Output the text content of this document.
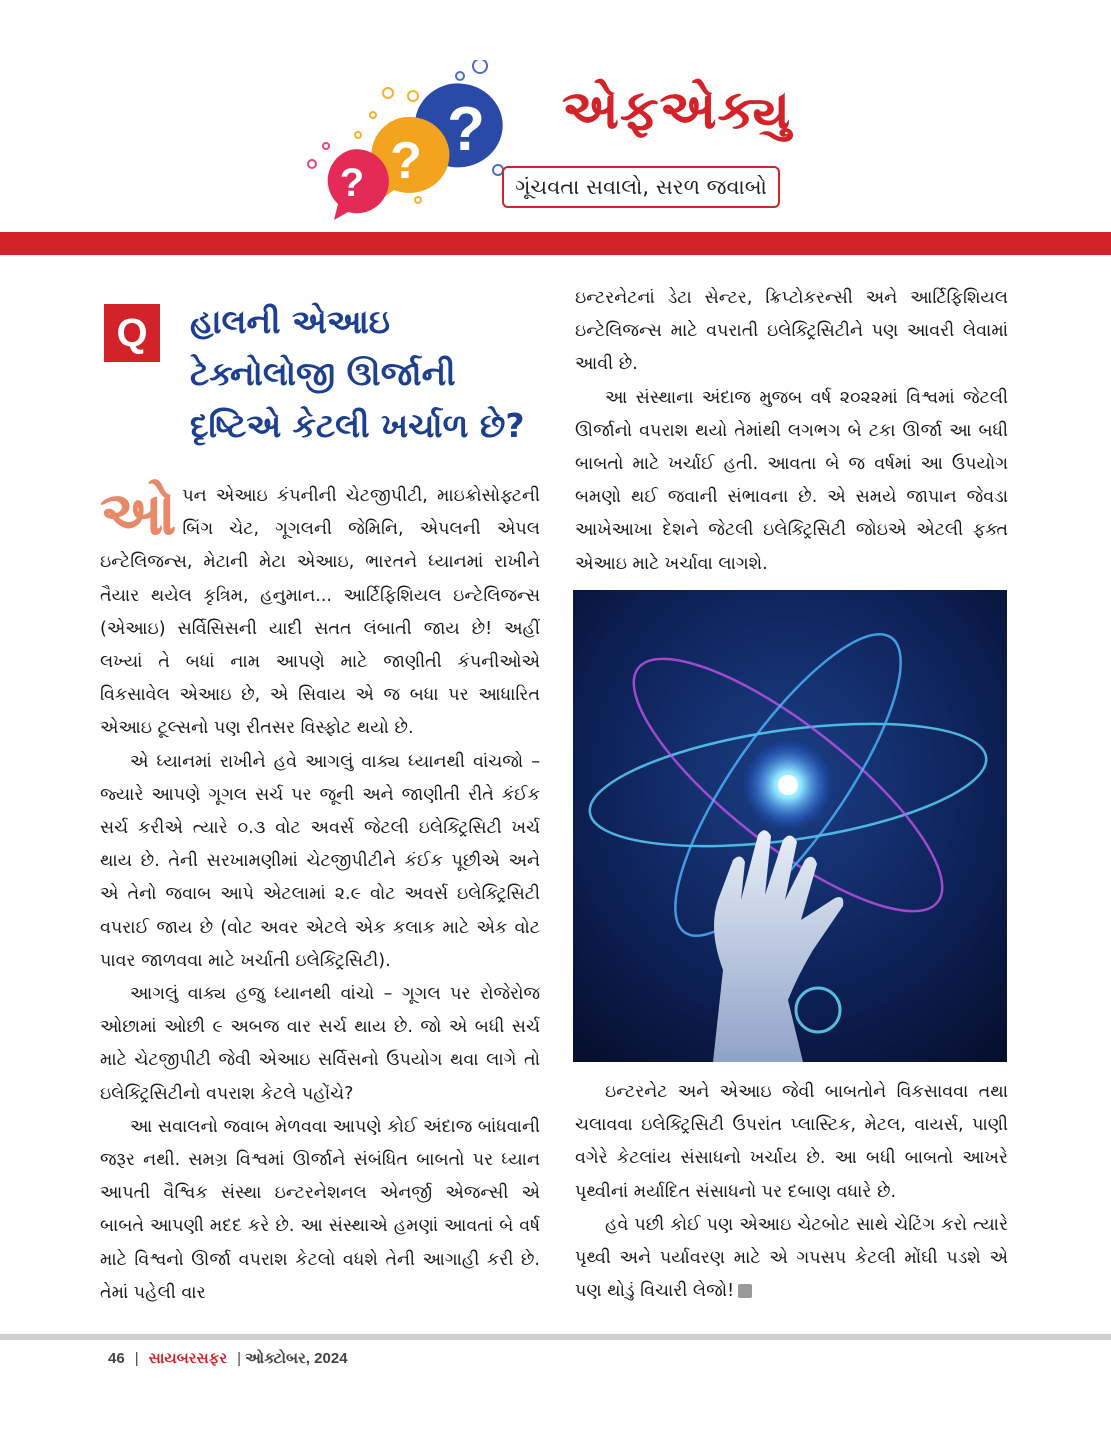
?
?
?
એફએક્યુ
ગૂંચવતા સવાલો, સરળ જવાબો
Q	હાલની એઆઇ
ટેક્નોલોજી ઊર્જાની
દૃષ્ટિએ કેટલી ખર્ચાળ છે?

ઓપન એઆઇ કંપનીની ચેટજીપીટી, માઇક્રોસોફ્ટની બિંગ ચેટ, ગૂગલની જેમિનિ, એપલની એપલ ઇન્ટેલિજન્સ, મેટાની મેટા એઆઇ, ભારતને ધ્યાનમાં રાખીને તૈયાર થયેલ કૃત્રિમ, હનુમાન... આર્ટિફિશિયલ ઇન્ટેલિજન્સ (એઆઇ) સર્વિસિસની યાદી સતત લંબાતી જાય છે! અહીં લખ્યાં તે બધાં નામ આપણે માટે જાણીતી કંપનીઓએ વિકસાવેલ એઆઇ છે, એ સિવાય એ જ બધા પર આધારિત એઆઇ ટૂલ્સનો પણ રીતસર વિસ્ફોટ થયો છે.

એ ધ્યાનમાં રાખીને હવે આગલું વાક્ય ધ્યાનથી વાંચજો – જ્યારે આપણે ગૂગલ સર્ચ પર જૂની અને જાણીતી રીતે કંઈક સર્ચ કરીએ ત્યારે ૦.૩ વોટ અવર્સ જેટલી ઇલેક્ટ્રિસિટી ખર્ચ થાય છે. તેની સરખામણીમાં ચેટજીપીટીને કંઈક પૂછીએ અને એ તેનો જવાબ આપે એટલામાં ૨.૯ વોટ અવર્સ ઇલેક્ટ્રિસિટી વપરાઈ જાય છે (વોટ અવર એટલે એક કલાક માટે એક વોટ પાવર જાળવવા માટે ખર્ચાતી ઇલેક્ટ્રિસિટી).

આગલું વાક્ય હજુ ધ્યાનથી વાંચો – ગૂગલ પર રોજેરોજ ઓછામાં ઓછી ૯ અબજ વાર સર્ચ થાય છે. જો એ બધી સર્ચ માટે ચેટજીપીટી જેવી એઆઇ સર્વિસનો ઉપયોગ થવા લાગે તો ઇલેક્ટ્રિસિટીનો વપરાશ કેટલે પહોંચે?

આ સવાલનો જવાબ મેળવવા આપણે કોઈ અંદાજ બાંધવાની જરૂર નથી. સમગ્ર વિશ્વમાં ઊર્જાને સંબંધિત બાબતો પર ધ્યાન આપતી વૈશ્વિક સંસ્થા ઇન્ટરનેશનલ એનર્જી એજન્સી એ બાબતે આપણી મદદ કરે છે. આ સંસ્થાએ હમણાં આવતાં બે વર્ષ માટે વિશ્વનો ઊર્જા વપરાશ કેટલો વધશે તેની આગાહી કરી છે. તેમાં પહેલી વાર

ઇન્ટરનેટનાં ડેટા સેન્ટર, ક્રિપ્ટોકરન્સી અને આર્ટિફિશિયલ ઇન્ટેલિજન્સ માટે વપરાતી ઇલેક્ટ્રિસિટીને પણ આવરી લેવામાં આવી છે.

આ સંસ્થાના અંદાજ મુજબ વર્ષ ૨૦૨૨માં વિશ્વમાં જેટલી ઊર્જાનો વપરાશ થયો તેમાંથી લગભગ બે ટકા ઊર્જા આ બધી બાબતો માટે ખર્ચાઈ હતી. આવતા બે જ વર્ષમાં આ ઉપયોગ બમણો થઈ જવાની સંભાવના છે. એ સમયે જાપાન જેવડા આખેઆખા દેશને જેટલી ઇલેક્ટ્રિસિટી જોઇએ એટલી ફક્ત એઆઇ માટે ખર્ચાવા લાગશે.

ઇન્ટરનેટ અને એઆઇ જેવી બાબતોને વિકસાવવા તથા ચલાવવા ઇલેક્ટ્રિસિટી ઉપરાંત પ્લાસ્ટિક, મેટલ, વાયર્સ, પાણી વગેરે કેટલાંય સંસાધનો ખર્ચાય છે. આ બધી બાબતો આખરે પૃથ્વીનાં મર્યાદિત સંસાધનો પર દબાણ વધારે છે.

હવે પછી કોઈ પણ એઆઇ ચેટબોટ સાથે ચેટિંગ કરો ત્યારે પૃથ્વી અને પર્યાવરણ માટે એ ગપસપ કેટલી મોંઘી પડશે એ પણ થોડું વિચારી લેજો!

46 | સાયબરસફર | ઓક્ટોબર, 2024
